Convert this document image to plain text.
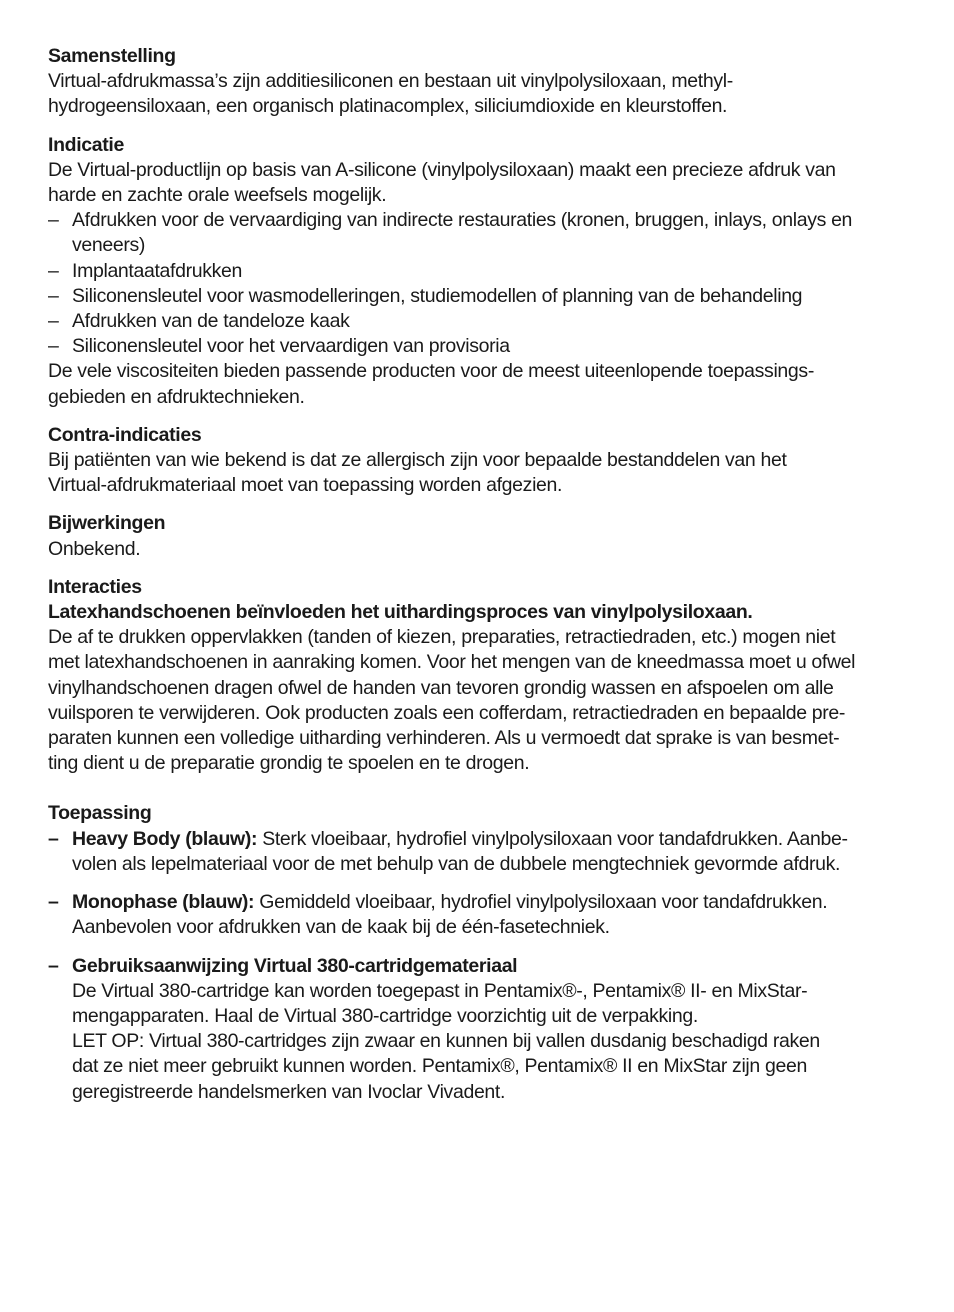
Samenstelling
Virtual-afdrukmassa’s zijn additiesiliconen en bestaan uit vinylpolysiloxaan, methyl-
hydrogeensiloxaan, een organisch platinacomplex, siliciumdioxide en kleurstoffen.
Indicatie
De Virtual-productlijn op basis van A-silicone (vinylpolysiloxaan) maakt een precieze afdruk van
harde en zachte orale weefsels mogelijk.
– Afdrukken voor de vervaardiging van indirecte restauraties (kronen, bruggen, inlays, onlays en
veneers)
– Implantaatafdrukken
– Siliconensleutel voor wasmodelleringen, studiemodellen of planning van de behandeling
– Afdrukken van de tandeloze kaak
– Siliconensleutel voor het vervaardigen van provisoria
De vele viscositeiten bieden passende producten voor de meest uiteenlopende toepassings-
gebieden en afdruktechnieken.
Contra-indicaties
Bij patiënten van wie bekend is dat ze allergisch zijn voor bepaalde bestanddelen van het
Virtual-afdrukmateriaal moet van toepassing worden afgezien.
Bijwerkingen
Onbekend.
Interacties
Latexhandschoenen beïnvloeden het uithardingsproces van vinylpolysiloxaan.
De af te drukken oppervlakken (tanden of kiezen, preparaties, retractiedraden, etc.) mogen niet
met latexhandschoenen in aanraking komen. Voor het mengen van de kneedmassa moet u ofwel
vinylhandschoenen dragen ofwel de handen van tevoren grondig wassen en afspoelen om alle
vuilsporen te verwijderen. Ook producten zoals een cofferdam, retractiedraden en bepaalde pre-
paraten kunnen een volledige uitharding verhinderen. Als u vermoedt dat sprake is van besmet-
ting dient u de preparatie grondig te spoelen en te drogen.
Toepassing
– Heavy Body (blauw): Sterk vloeibaar, hydrofiel vinylpolysiloxaan voor tandafdrukken. Aanbe-
volen als lepelmateriaal voor de met behulp van de dubbele mengtechniek gevormde afdruk.
– Monophase (blauw): Gemiddeld vloeibaar, hydrofiel vinylpolysiloxaan voor tandafdrukken.
Aanbevolen voor afdrukken van de kaak bij de één-fasetechniek.
– Gebruiksaanwijzing Virtual 380-cartridgemateriaal
De Virtual 380-cartridge kan worden toegepast in Pentamix®-, Pentamix® II- en MixStar-
mengapparaten. Haal de Virtual 380-cartridge voorzichtig uit de verpakking.
LET OP: Virtual 380-cartridges zijn zwaar en kunnen bij vallen dusdanig beschadigd raken
dat ze niet meer gebruikt kunnen worden. Pentamix®, Pentamix® II en MixStar zijn geen
geregistreerde handelsmerken van Ivoclar Vivadent.
